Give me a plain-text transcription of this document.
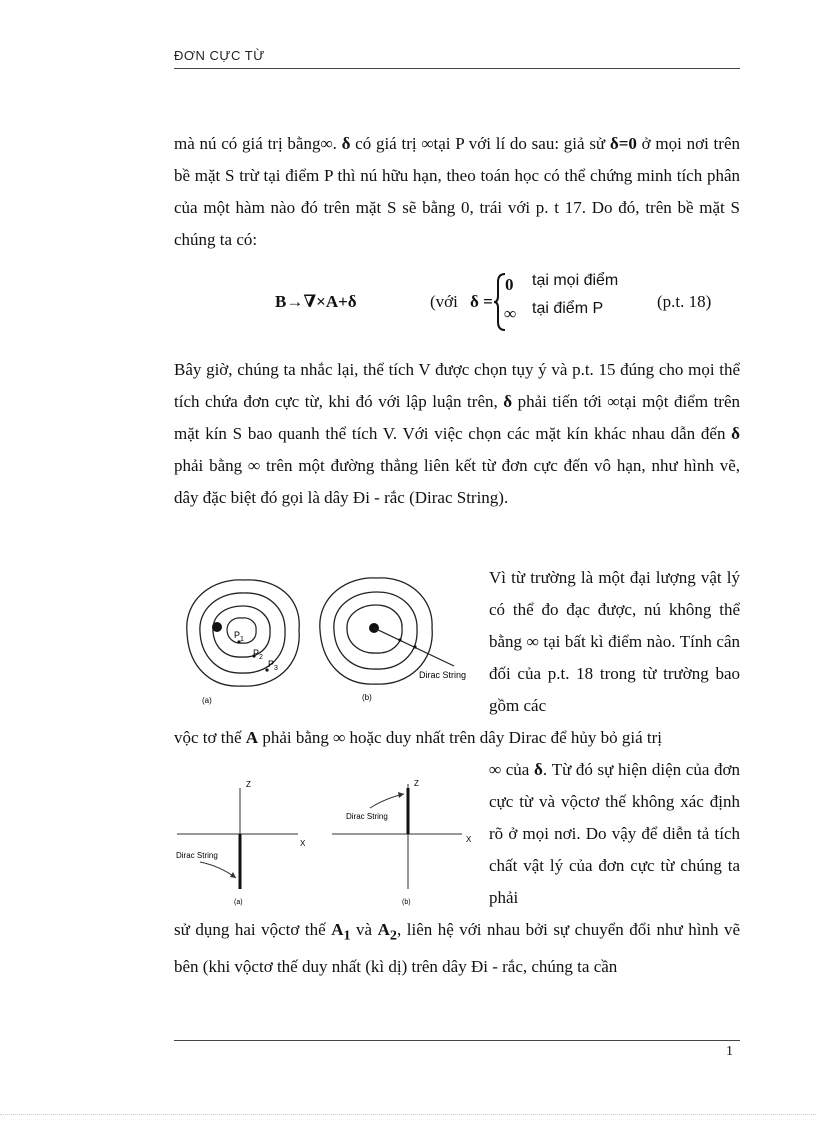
ĐƠN CỰC TỪ

mà nú có giá trị bằng∞. δ có giá trị ∞tại P với lí do sau: giả sử δ=0 ở mọi nơi trên bề mặt S trừ tại điểm P thì nú hữu hạn, theo toán học có thể chứng minh tích phân của một hàm nào đó trên mặt S sẽ bằng 0, trái với p. t 17. Do đó, trên bề mặt S chúng ta có:

B→∇×A+δ	(với δ =
0 tại mọi điểm
∞ tại điểm P	(p.t. 18)

Bây giờ, chúng ta nhắc lại, thể tích V được chọn tụy ý và p.t. 15 đúng cho mọi thể tích chứa đơn cực từ, khi đó với lập luận trên, δ phải tiến tới ∞tại một điểm trên mặt kín S bao quanh thể tích V. Với việc chọn các mặt kín khác nhau dẫn đến δ phải bằng ∞ trên một đường thẳng liên kết từ đơn cực đến vô hạn, như hình vẽ, dây đặc biệt đó gọi là dây Đi - rắc (Dirac String).

$P_1$
$P_2$
$P_3$
(a)
Dirac String
(b)

Vì từ trường là một đại lượng vật lý có thể đo đạc được, nú không thể bằng ∞ tại bất kì điểm nào. Tính cân đối của p.t. 18 trong từ trường bao gồm các

vộc tơ thế A phải bằng ∞ hoặc duy nhất trên dây Dirac để hủy bỏ giá trị

Z
X
Dirac String
(a)
Z
X
Dirac String
(b)

∞ của δ. Từ đó sự hiện diện của đơn cực từ và vộctơ thế không xác định rõ ở mọi nơi. Do vậy để diễn tả tích chất vật lý của đơn cực từ chúng ta phải

sử dụng hai vộctơ thế $A_1$ và $A_2$, liên hệ với nhau bởi sự chuyển đổi như hình vẽ bên (khi vộctơ thế duy nhất (kì dị) trên dây Đi - rắc, chúng ta cần

1
